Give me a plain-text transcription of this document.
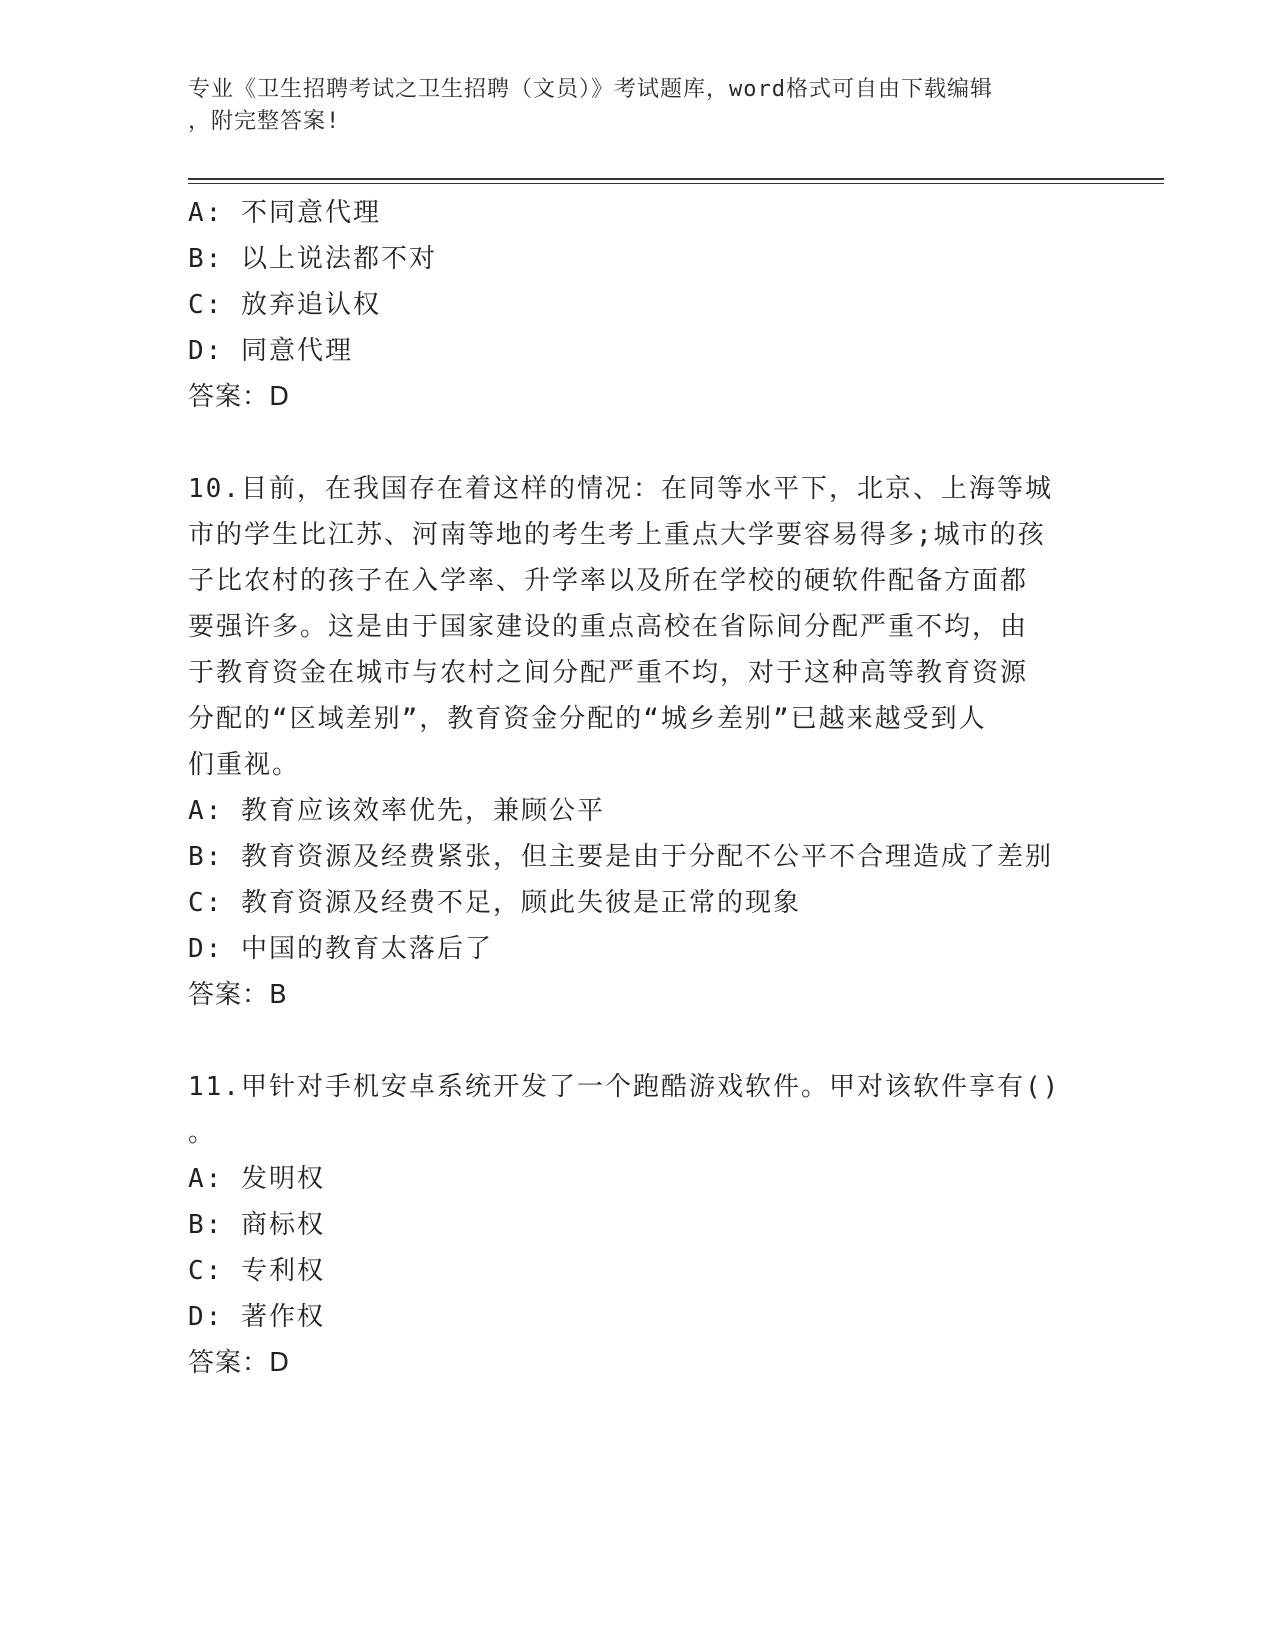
专业《卫生招聘考试之卫生招聘（文员）》考试题库，word格式可自由下载编辑
，附完整答案!
A: 不同意代理
B: 以上说法都不对
C: 放弃追认权
D: 同意代理
答案：D
10.目前，在我国存在着这样的情况：在同等水平下，北京、上海等城
市的学生比江苏、河南等地的考生考上重点大学要容易得多;城市的孩
子比农村的孩子在入学率、升学率以及所在学校的硬软件配备方面都
要强许多。这是由于国家建设的重点高校在省际间分配严重不均，由
于教育资金在城市与农村之间分配严重不均，对于这种高等教育资源
分配的“区域差别”，教育资金分配的“城乡差别”已越来越受到人
们重视。
A: 教育应该效率优先，兼顾公平
B: 教育资源及经费紧张，但主要是由于分配不公平不合理造成了差别
C: 教育资源及经费不足，顾此失彼是正常的现象
D: 中国的教育太落后了
答案：B
11.甲针对手机安卓系统开发了一个跑酷游戏软件。甲对该软件享有()
。
A: 发明权
B: 商标权
C: 专利权
D: 著作权
答案：D
